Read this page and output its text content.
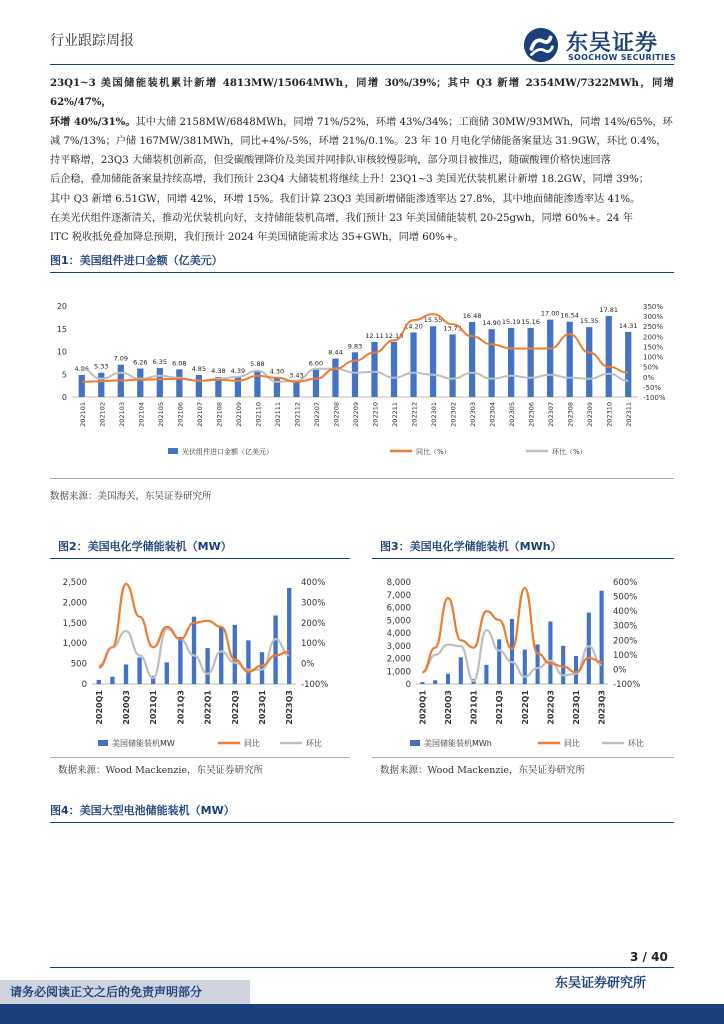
行业跟踪周报	东吴证券
SOOCHOW SECURITIES
23Q1~3 美国储能装机累计新增 4813MW/15064MWh，同增 30%/39%；其中 Q3 新增 2354MW/7322MWh，同增 62%/47%，
环增 40%/31%。其中大储 2158MW/6848MWh，同增 71%/52%，环增 43%/34%；工商储 30MW/93MWh，同增 14%/65%，环
减 7%/13%；户储 167MW/381MWh，同比+4%/-5%，环增 21%/0.1%。23 年 10 月电化学储能备案量达 31.9GW，环比 0.4%，
持平略增，23Q3 大储装机创新高，但受碳酸锂降价及美国并网排队审核较慢影响，部分项目被推迟，随碳酸锂价格快速回落
后企稳，叠加储能备案量持续高增，我们预计 23Q4 大储装机将继续上升！23Q1~3 美国光伏装机累计新增 18.2GW，同增 39%；
其中 Q3 新增 6.51GW，同增 42%，环增 15%。我们计算 23Q3 美国新增储能渗透率达 27.8%，其中地面储能渗透率达 41%。
在美光伏组件逐渐清关，推动光伏装机向好，支持储能装机高增，我们预计 23 年美国储能装机 20-25gwh，同增 60%+。24 年
ITC 税收抵免叠加降息预期，我们预计 2024 年美国储能需求达 35+GWh，同增 60%+。
图1：美国组件进口金额（亿美元）
0
5
10
15
20
-100%
-50%
0%
50%
100%
150%
200%
250%
300%
350%
4.86 5.33
7.09 6.26 6.35 6.08
4.85 4.38 4.39
5.88
4.30 3.43
6.00
8.44
9.83
12.11 12.10
14.20
15.55
13.75
16.48
14.90 15.19 15.16
17.00 16.54
15.35
17.81
14.31
202101 202102 202103 202104 202105 202106 202107 202108 202109 202110 202111 202112 202207 202208 202209 202210 202211 202212 202301 202302 202303 202304 202305 202306 202307 202308 202309 202310 202311
光伏组件进口金额（亿美元）	同比（%）	环比（%）
数据来源：美国海关，东吴证券研究所
图2：美国电化学储能装机（MW）
0
500
1,000
1,500
2,000
2,500
-100%
0%
100%
200%
300%
400%
2020Q1 2020Q3 2021Q1 2021Q3 2022Q1 2022Q3 2023Q1 2023Q3
美国储能装机MW	同比	环比
数据来源：Wood Mackenzie，东吴证券研究所
图3：美国电化学储能装机（MWh）
0
1,000
2,000
3,000
4,000
5,000
6,000
7,000
8,000
-100%
0%
100%
200%
300%
400%
500%
600%
2020Q1 2020Q3 2021Q1 2021Q3 2022Q1 2022Q3 2023Q1 2023Q3
美国储能装机MWh	同比	环比
数据来源：Wood Mackenzie，东吴证券研究所
图4：美国大型电池储能装机（MW）
3 / 40
东吴证券研究所
请务必阅读正文之后的免责声明部分
